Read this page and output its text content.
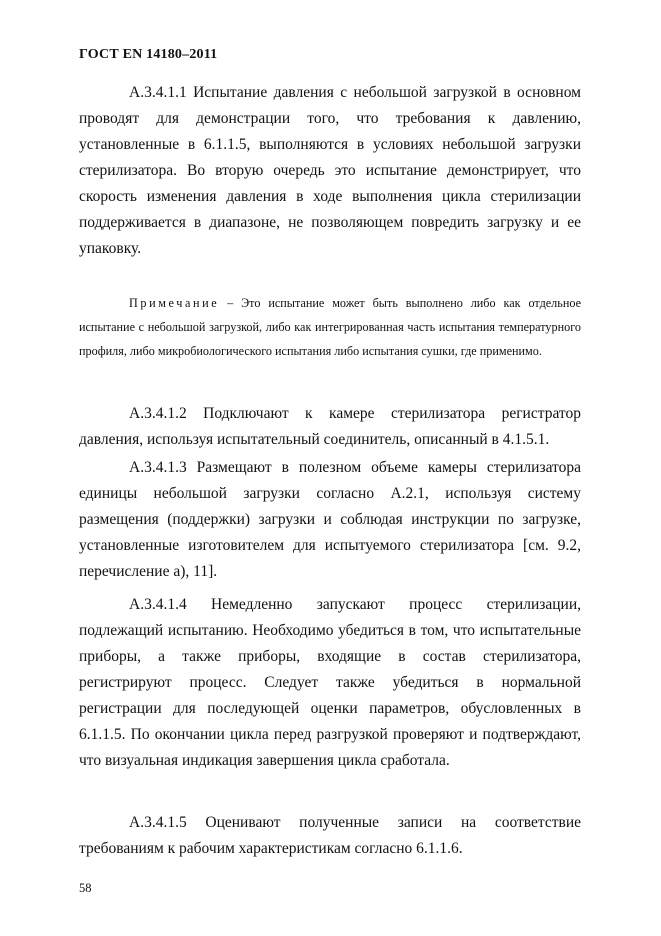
ГОСТ EN 14180–2011

А.3.4.1.1 Испытание давления с небольшой загрузкой в основном проводят для демонстрации того, что требования к давлению, установленные в 6.1.1.5, выполняются в условиях небольшой загрузки стерилизатора. Во вторую очередь это испытание демонстрирует, что скорость изменения давления в ходе выполнения цикла стерилизации поддерживается в диапазоне, не позволяющем повредить загрузку и ее упаковку.

Примечание – Это испытание может быть выполнено либо как отдельное испытание с небольшой загрузкой, либо как интегрированная часть испытания температурного профиля, либо микробиологического испытания либо испытания сушки, где применимо.

А.3.4.1.2 Подключают к камере стерилизатора регистратор давления, используя испытательный соединитель, описанный в 4.1.5.1.

А.3.4.1.3 Размещают в полезном объеме камеры стерилизатора единицы небольшой загрузки согласно А.2.1, используя систему размещения (поддержки) загрузки и соблюдая инструкции по загрузке, установленные изготовителем для испытуемого стерилизатора [см. 9.2, перечисление а), 11].

А.3.4.1.4 Немедленно запускают процесс стерилизации, подлежащий испытанию. Необходимо убедиться в том, что испытательные приборы, а также приборы, входящие в состав стерилизатора, регистрируют процесс. Следует также убедиться в нормальной регистрации для последующей оценки параметров, обусловленных в 6.1.1.5. По окончании цикла перед разгрузкой проверяют и подтверждают, что визуальная индикация завершения цикла сработала.

А.3.4.1.5 Оценивают полученные записи на соответствие требованиям к рабочим характеристикам согласно 6.1.1.6.

58
